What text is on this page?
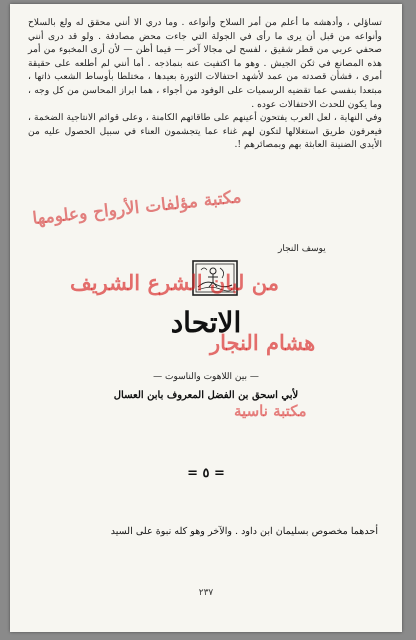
تساؤلي ، وأدهشه ما أعلم من أمر السلاح وأنواعه . وما دري الا أنني محقق له ولع بالسلاح وأنواعه من قبل أن يرى ما رأى في الجولة التي جاءت محض مصادفة . ولو قد درى أنني صحفي عربي من قطر شقيق ، لفسح لي مجالا آخر — فيما أظن — لأن أرى المخبوء من أمر هذه المصانع في ثكن الجيش . وهو ما اكتفيت عنه بنماذجه . أما أنني لم أطلعه على حقيقة أمري ، فشأن قصدته من عمد لأشهد احتفالات الثورة بعيدها ، مختلطا بأوساط الشعب ذاتها ، مبتعدا بنفسي عما تقضيه الرسميات على الوفود من أجواء ، هما ابراز المحاسن من كل وجه ، وما يكون للحدث الاحتفالات عوده .

وفي النهاية ، لعل العرب يفتحون أعينهم على طاقاتهم الكامنة ، وعلى قوائم الانتاجية الضخمة ، فيعرفون طريق استغلالها لتكون لهم غناء عما يتجشمون العناء في سبيل الحصول عليه من الأيدي الضنينة العابثة بهم وبمصائرهم !.

يوسف النجار
الاتحاد
— بين اللاهوت والناسوت —
لأبي اسحق بن الفضل المعروف بابن العسال
= ٥ =
أحدهما مخصوص بسليمان ابن داود . والآخر وهو كله نبوة على السيد
٢٣٧
مكتبة مؤلفات الأرواح وعلومها
من لبان الشرع الشريف
هشام النجار
مكتبة ناسية
